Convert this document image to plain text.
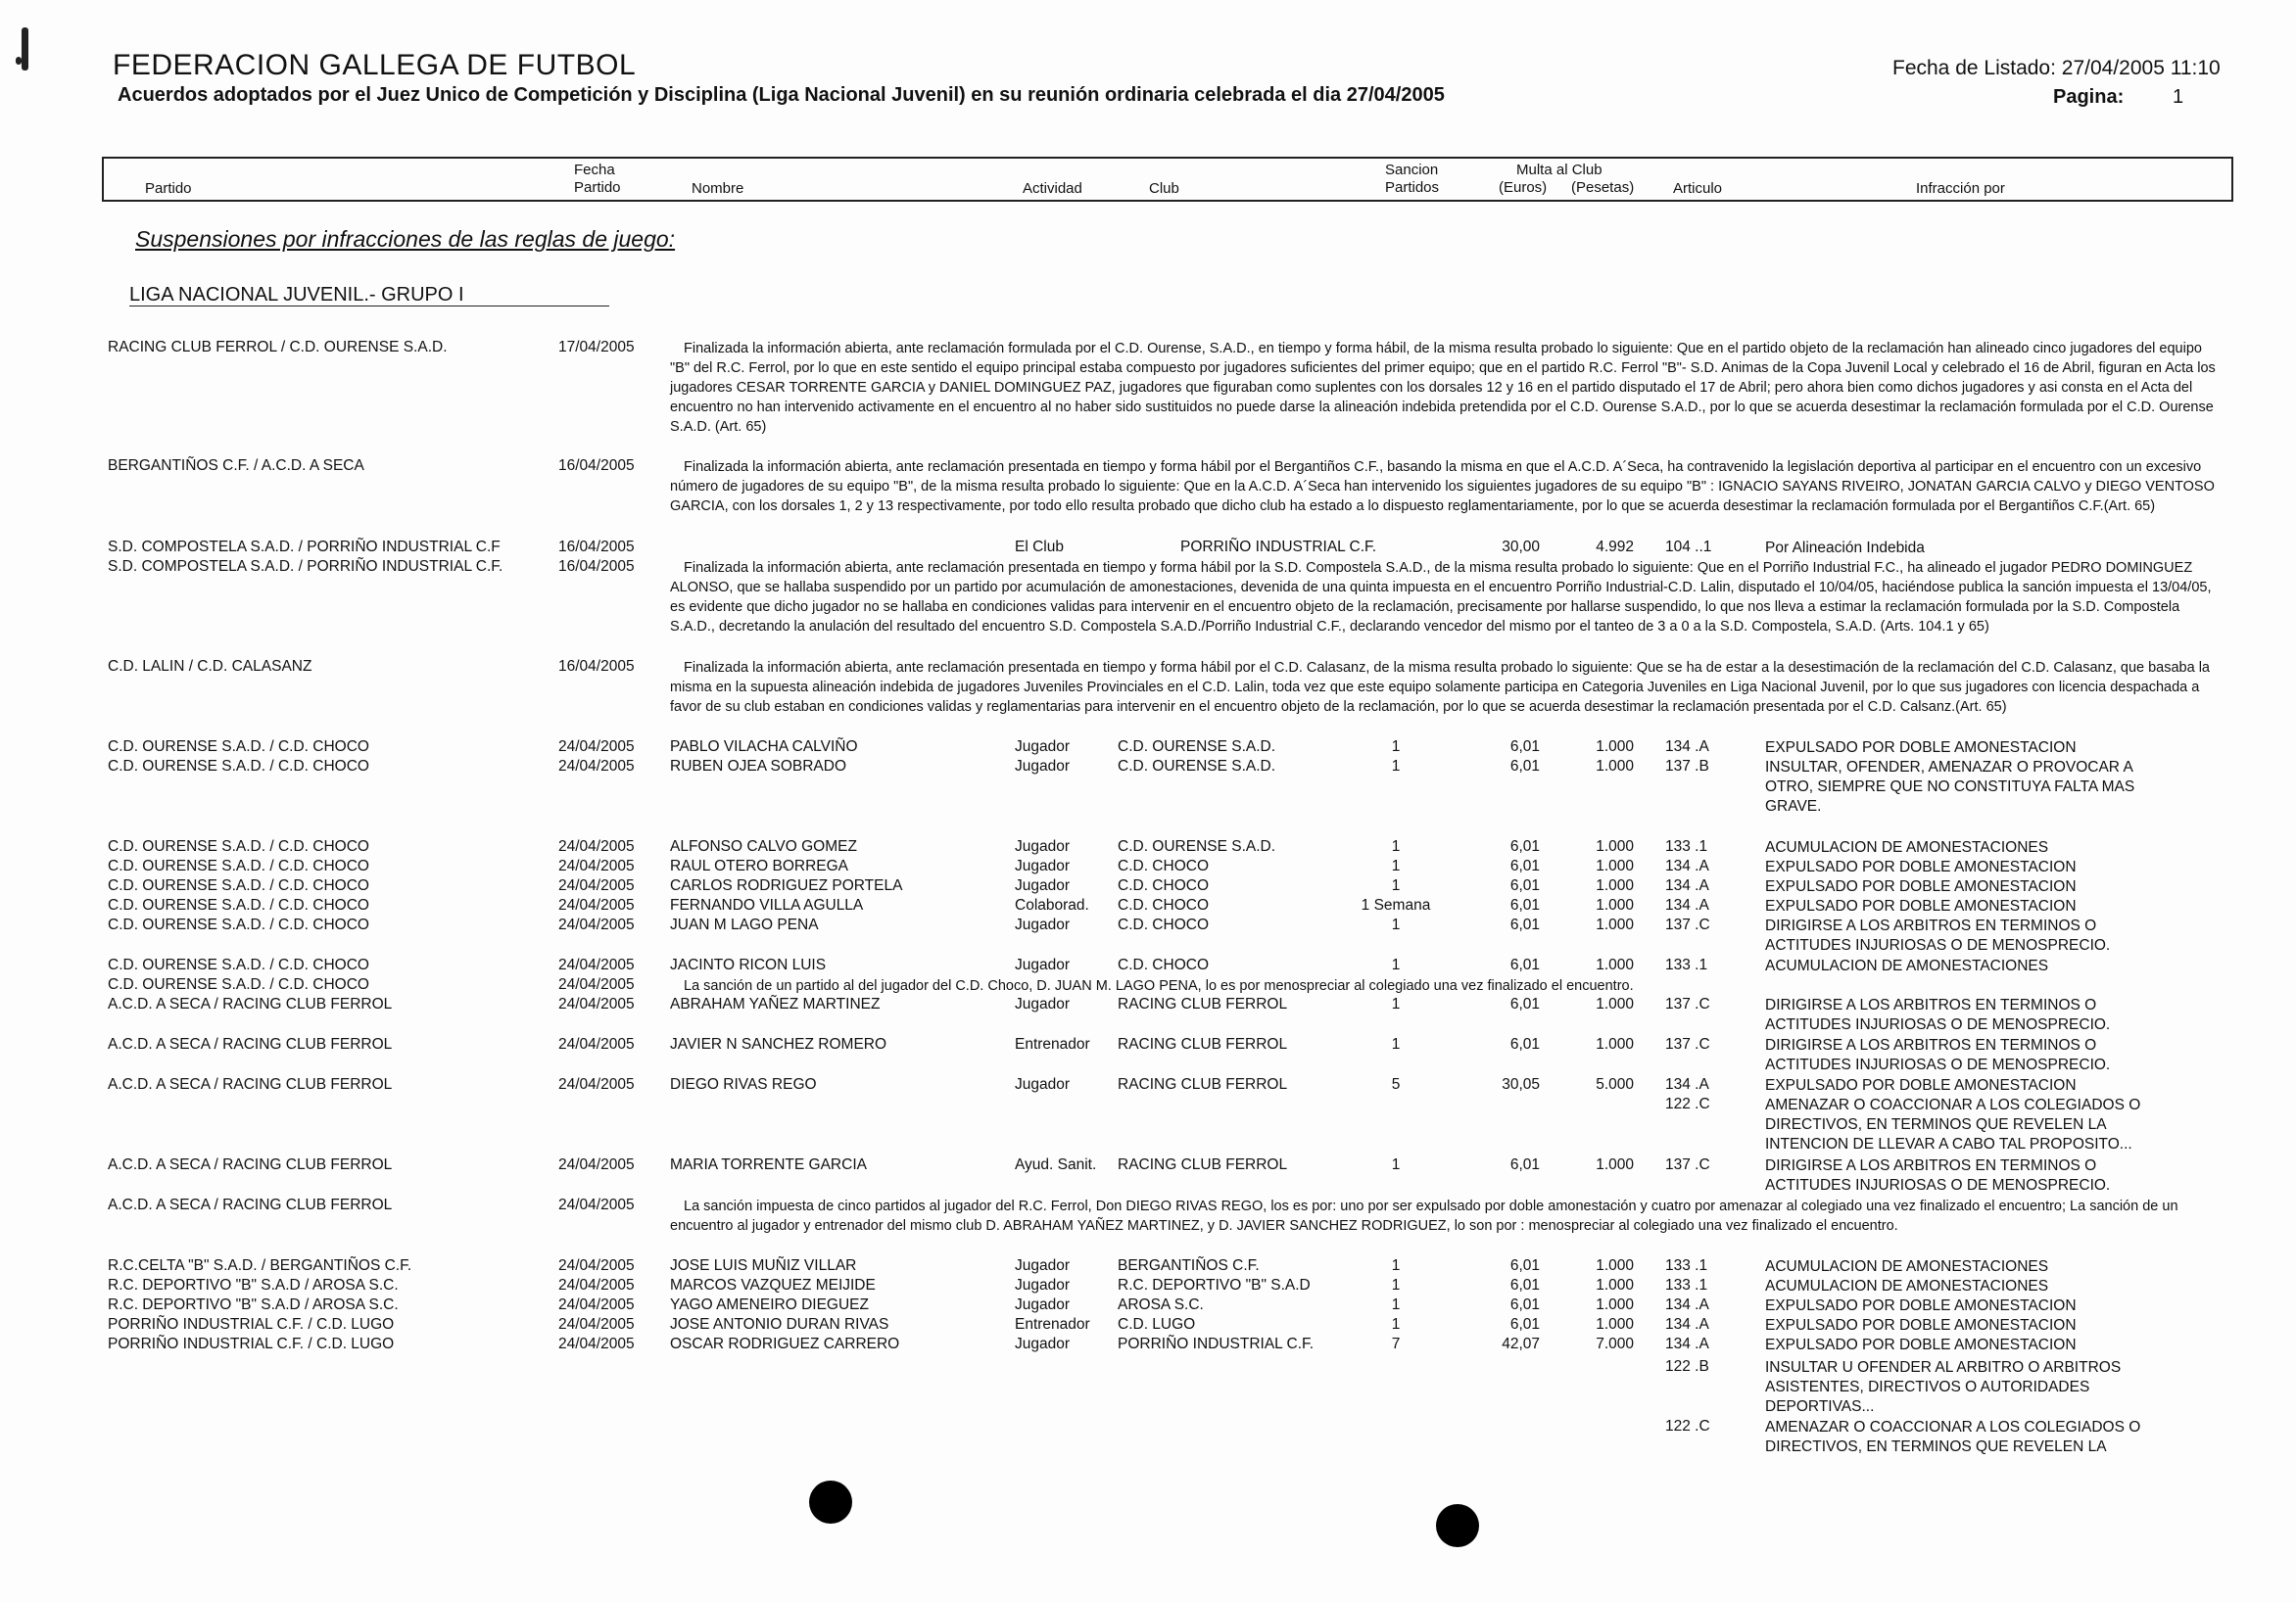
FEDERACION GALLEGA DE FUTBOL
Acuerdos adoptados por el Juez Unico de Competición y Disciplina (Liga Nacional Juvenil) en su reunión ordinaria celebrada el dia 27/04/2005
Fecha de Listado: 27/04/2005 11:10
Pagina: 1
Partido
Fecha
Partido	Nombre	Actividad	Club
Sancion
Partidos
Multa al Club
(Euros) (Pesetas)	Articulo	Infracción por
Suspensiones por infracciones de las reglas de juego:
LIGA NACIONAL JUVENIL.- GRUPO I
RACING CLUB FERROL / C.D. OURENSE S.A.D.	17/04/2005	Finalizada la información abierta, ante reclamación formulada por el C.D. Ourense, S.A.D., en tiempo y forma hábil, de la misma resulta probado lo siguiente: Que en el partido objeto de la reclamación han alineado cinco jugadores del equipo "B" del R.C. Ferrol, por lo que en este sentido el equipo principal estaba compuesto por jugadores suficientes del primer equipo; que en el partido R.C. Ferrol "B"- S.D. Animas de la Copa Juvenil Local y celebrado el 16 de Abril, figuran en Acta los jugadores CESAR TORRENTE GARCIA y DANIEL DOMINGUEZ PAZ, jugadores que figuraban como suplentes con los dorsales 12 y 16 en el partido disputado el 17 de Abril; pero ahora bien como dichos jugadores y asi consta en el Acta del encuentro no han intervenido activamente en el encuentro al no haber sido sustituidos no puede darse la alineación indebida pretendida por el C.D. Ourense S.A.D., por lo que se acuerda desestimar la reclamación formulada por el C.D. Ourense S.A.D. (Art. 65)
BERGANTIÑOS C.F. / A.C.D. A SECA	16/04/2005	Finalizada la información abierta, ante reclamación presentada en tiempo y forma hábil por el Bergantiños C.F., basando la misma en que el A.C.D. A´Seca, ha contravenido la legislación deportiva al participar en el encuentro con un excesivo número de jugadores de su equipo "B", de la misma resulta probado lo siguiente: Que en la A.C.D. A´Seca han intervenido los siguientes jugadores de su equipo "B" : IGNACIO SAYANS RIVEIRO, JONATAN GARCIA CALVO y DIEGO VENTOSO GARCIA, con los dorsales 1, 2 y 13 respectivamente, por todo ello resulta probado que dicho club ha estado a lo dispuesto reglamentariamente, por lo que se acuerda desestimar la reclamación formulada por el Bergantiños C.F.(Art. 65)
S.D. COMPOSTELA S.A.D. / PORRIÑO INDUSTRIAL C.F	16/04/2005	El Club	PORRIÑO INDUSTRIAL C.F.	30,00	4.992 104 ..1	Por Alineación Indebida
S.D. COMPOSTELA S.A.D. / PORRIÑO INDUSTRIAL C.F.	16/04/2005	Finalizada la información abierta, ante reclamación presentada en tiempo y forma hábil por la S.D. Compostela S.A.D., de la misma resulta probado lo siguiente: Que en el Porriño Industrial F.C., ha alineado el jugador PEDRO DOMINGUEZ ALONSO, que se hallaba suspendido por un partido por acumulación de amonestaciones, devenida de una quinta impuesta en el encuentro Porriño Industrial-C.D. Lalin, disputado el 10/04/05, haciéndose publica la sanción impuesta el 13/04/05, es evidente que dicho jugador no se hallaba en condiciones validas para intervenir en el encuentro objeto de la reclamación, precisamente por hallarse suspendido, lo que nos lleva a estimar la reclamación formulada por la S.D. Compostela S.A.D., decretando la anulación del resultado del encuentro S.D. Compostela S.A.D./Porriño Industrial C.F., declarando vencedor del mismo por el tanteo de 3 a 0 a la S.D. Compostela, S.A.D. (Arts. 104.1 y 65)
C.D. LALIN / C.D. CALASANZ	16/04/2005	Finalizada la información abierta, ante reclamación presentada en tiempo y forma hábil por el C.D. Calasanz, de la misma resulta probado lo siguiente: Que se ha de estar a la desestimación de la reclamación del C.D. Calasanz, que basaba la misma en la supuesta alineación indebida de jugadores Juveniles Provinciales en el C.D. Lalin, toda vez que este equipo solamente participa en Categoria Juveniles en Liga Nacional Juvenil, por lo que sus jugadores con licencia despachada a favor de su club estaban en condiciones validas y reglamentarias para intervenir en el encuentro objeto de la reclamación, por lo que se acuerda desestimar la reclamación presentada por el C.D. Calsanz.(Art. 65)
C.D. OURENSE S.A.D. / C.D. CHOCO	24/04/2005 PABLO VILACHA CALVIÑO	Jugador	C.D. OURENSE S.A.D.	1	6,01	1.000 134 .A	EXPULSADO POR DOBLE AMONESTACION
C.D. OURENSE S.A.D. / C.D. CHOCO	24/04/2005 RUBEN OJEA SOBRADO	Jugador	C.D. OURENSE S.A.D.	1	6,01	1.000 137 .B	INSULTAR, OFENDER, AMENAZAR O PROVOCAR A OTRO, SIEMPRE QUE NO CONSTITUYA FALTA MAS GRAVE.
C.D. OURENSE S.A.D. / C.D. CHOCO	24/04/2005 ALFONSO CALVO GOMEZ	Jugador	C.D. OURENSE S.A.D.	1	6,01	1.000 133 .1	ACUMULACION DE AMONESTACIONES
C.D. OURENSE S.A.D. / C.D. CHOCO	24/04/2005 RAUL OTERO BORREGA	Jugador	C.D. CHOCO	1	6,01	1.000 134 .A	EXPULSADO POR DOBLE AMONESTACION
C.D. OURENSE S.A.D. / C.D. CHOCO	24/04/2005 CARLOS RODRIGUEZ PORTELA	Jugador	C.D. CHOCO	1	6,01	1.000 134 .A	EXPULSADO POR DOBLE AMONESTACION
C.D. OURENSE S.A.D. / C.D. CHOCO	24/04/2005 FERNANDO VILLA AGULLA	Colaborad. C.D. CHOCO	1 Semana	6,01	1.000 134 .A	EXPULSADO POR DOBLE AMONESTACION
C.D. OURENSE S.A.D. / C.D. CHOCO	24/04/2005 JUAN M LAGO PENA	Jugador	C.D. CHOCO	1	6,01	1.000 137 .C	DIRIGIRSE A LOS ARBITROS EN TERMINOS O ACTITUDES INJURIOSAS O DE MENOSPRECIO.
C.D. OURENSE S.A.D. / C.D. CHOCO	24/04/2005 JACINTO RICON LUIS	Jugador	C.D. CHOCO	1	6,01	1.000 133 .1	ACUMULACION DE AMONESTACIONES
C.D. OURENSE S.A.D. / C.D. CHOCO	24/04/2005	La sanción de un partido al del jugador del C.D. Choco, D. JUAN M. LAGO PENA, lo es por menospreciar al colegiado una vez finalizado el encuentro.
A.C.D. A SECA / RACING CLUB FERROL	24/04/2005 ABRAHAM YAÑEZ MARTINEZ	Jugador	RACING CLUB FERROL	1	6,01	1.000 137 .C	DIRIGIRSE A LOS ARBITROS EN TERMINOS O ACTITUDES INJURIOSAS O DE MENOSPRECIO.
A.C.D. A SECA / RACING CLUB FERROL	24/04/2005 JAVIER N SANCHEZ ROMERO	Entrenador RACING CLUB FERROL	1	6,01	1.000 137 .C	DIRIGIRSE A LOS ARBITROS EN TERMINOS O ACTITUDES INJURIOSAS O DE MENOSPRECIO.
A.C.D. A SECA / RACING CLUB FERROL	24/04/2005 DIEGO RIVAS REGO	Jugador	RACING CLUB FERROL	5	30,05	5.000 134 .A	EXPULSADO POR DOBLE AMONESTACION
122 .C	AMENAZAR O COACCIONAR A LOS COLEGIADOS O DIRECTIVOS, EN TERMINOS QUE REVELEN LA INTENCION DE LLEVAR A CABO TAL PROPOSITO...
A.C.D. A SECA / RACING CLUB FERROL	24/04/2005 MARIA TORRENTE GARCIA	Ayud. Sanit. RACING CLUB FERROL	1	6,01	1.000 137 .C	DIRIGIRSE A LOS ARBITROS EN TERMINOS O ACTITUDES INJURIOSAS O DE MENOSPRECIO.
A.C.D. A SECA / RACING CLUB FERROL	24/04/2005	La sanción impuesta de cinco partidos al jugador del R.C. Ferrol, Don DIEGO RIVAS REGO, los es por: uno por ser expulsado por doble amonestación y cuatro por amenazar al colegiado una vez finalizado el encuentro; La sanción de un encuentro al jugador y entrenador del mismo club D. ABRAHAM YAÑEZ MARTINEZ, y D. JAVIER SANCHEZ RODRIGUEZ, lo son por : menospreciar al colegiado una vez finalizado el encuentro.
R.C.CELTA "B" S.A.D. / BERGANTIÑOS C.F.	24/04/2005 JOSE LUIS MUÑIZ VILLAR	Jugador	BERGANTIÑOS C.F.	1	6,01	1.000 133 .1	ACUMULACION DE AMONESTACIONES
R.C. DEPORTIVO "B" S.A.D / AROSA S.C.	24/04/2005 MARCOS VAZQUEZ MEIJIDE	Jugador	R.C. DEPORTIVO "B" S.A.D	1	6,01	1.000 133 .1	ACUMULACION DE AMONESTACIONES
R.C. DEPORTIVO "B" S.A.D / AROSA S.C.	24/04/2005 YAGO AMENEIRO DIEGUEZ	Jugador	AROSA S.C.	1	6,01	1.000 134 .A	EXPULSADO POR DOBLE AMONESTACION
PORRIÑO INDUSTRIAL C.F. / C.D. LUGO	24/04/2005 JOSE ANTONIO DURAN RIVAS	Entrenador C.D. LUGO	1	6,01	1.000 134 .A	EXPULSADO POR DOBLE AMONESTACION
PORRIÑO INDUSTRIAL C.F. / C.D. LUGO	24/04/2005 OSCAR RODRIGUEZ CARRERO	Jugador	PORRIÑO INDUSTRIAL C.F.	7	42,07	7.000 134 .A	EXPULSADO POR DOBLE AMONESTACION
122 .B	INSULTAR U OFENDER AL ARBITRO O ARBITROS ASISTENTES, DIRECTIVOS O AUTORIDADES DEPORTIVAS...
122 .C	AMENAZAR O COACCIONAR A LOS COLEGIADOS O DIRECTIVOS, EN TERMINOS QUE REVELEN LA
